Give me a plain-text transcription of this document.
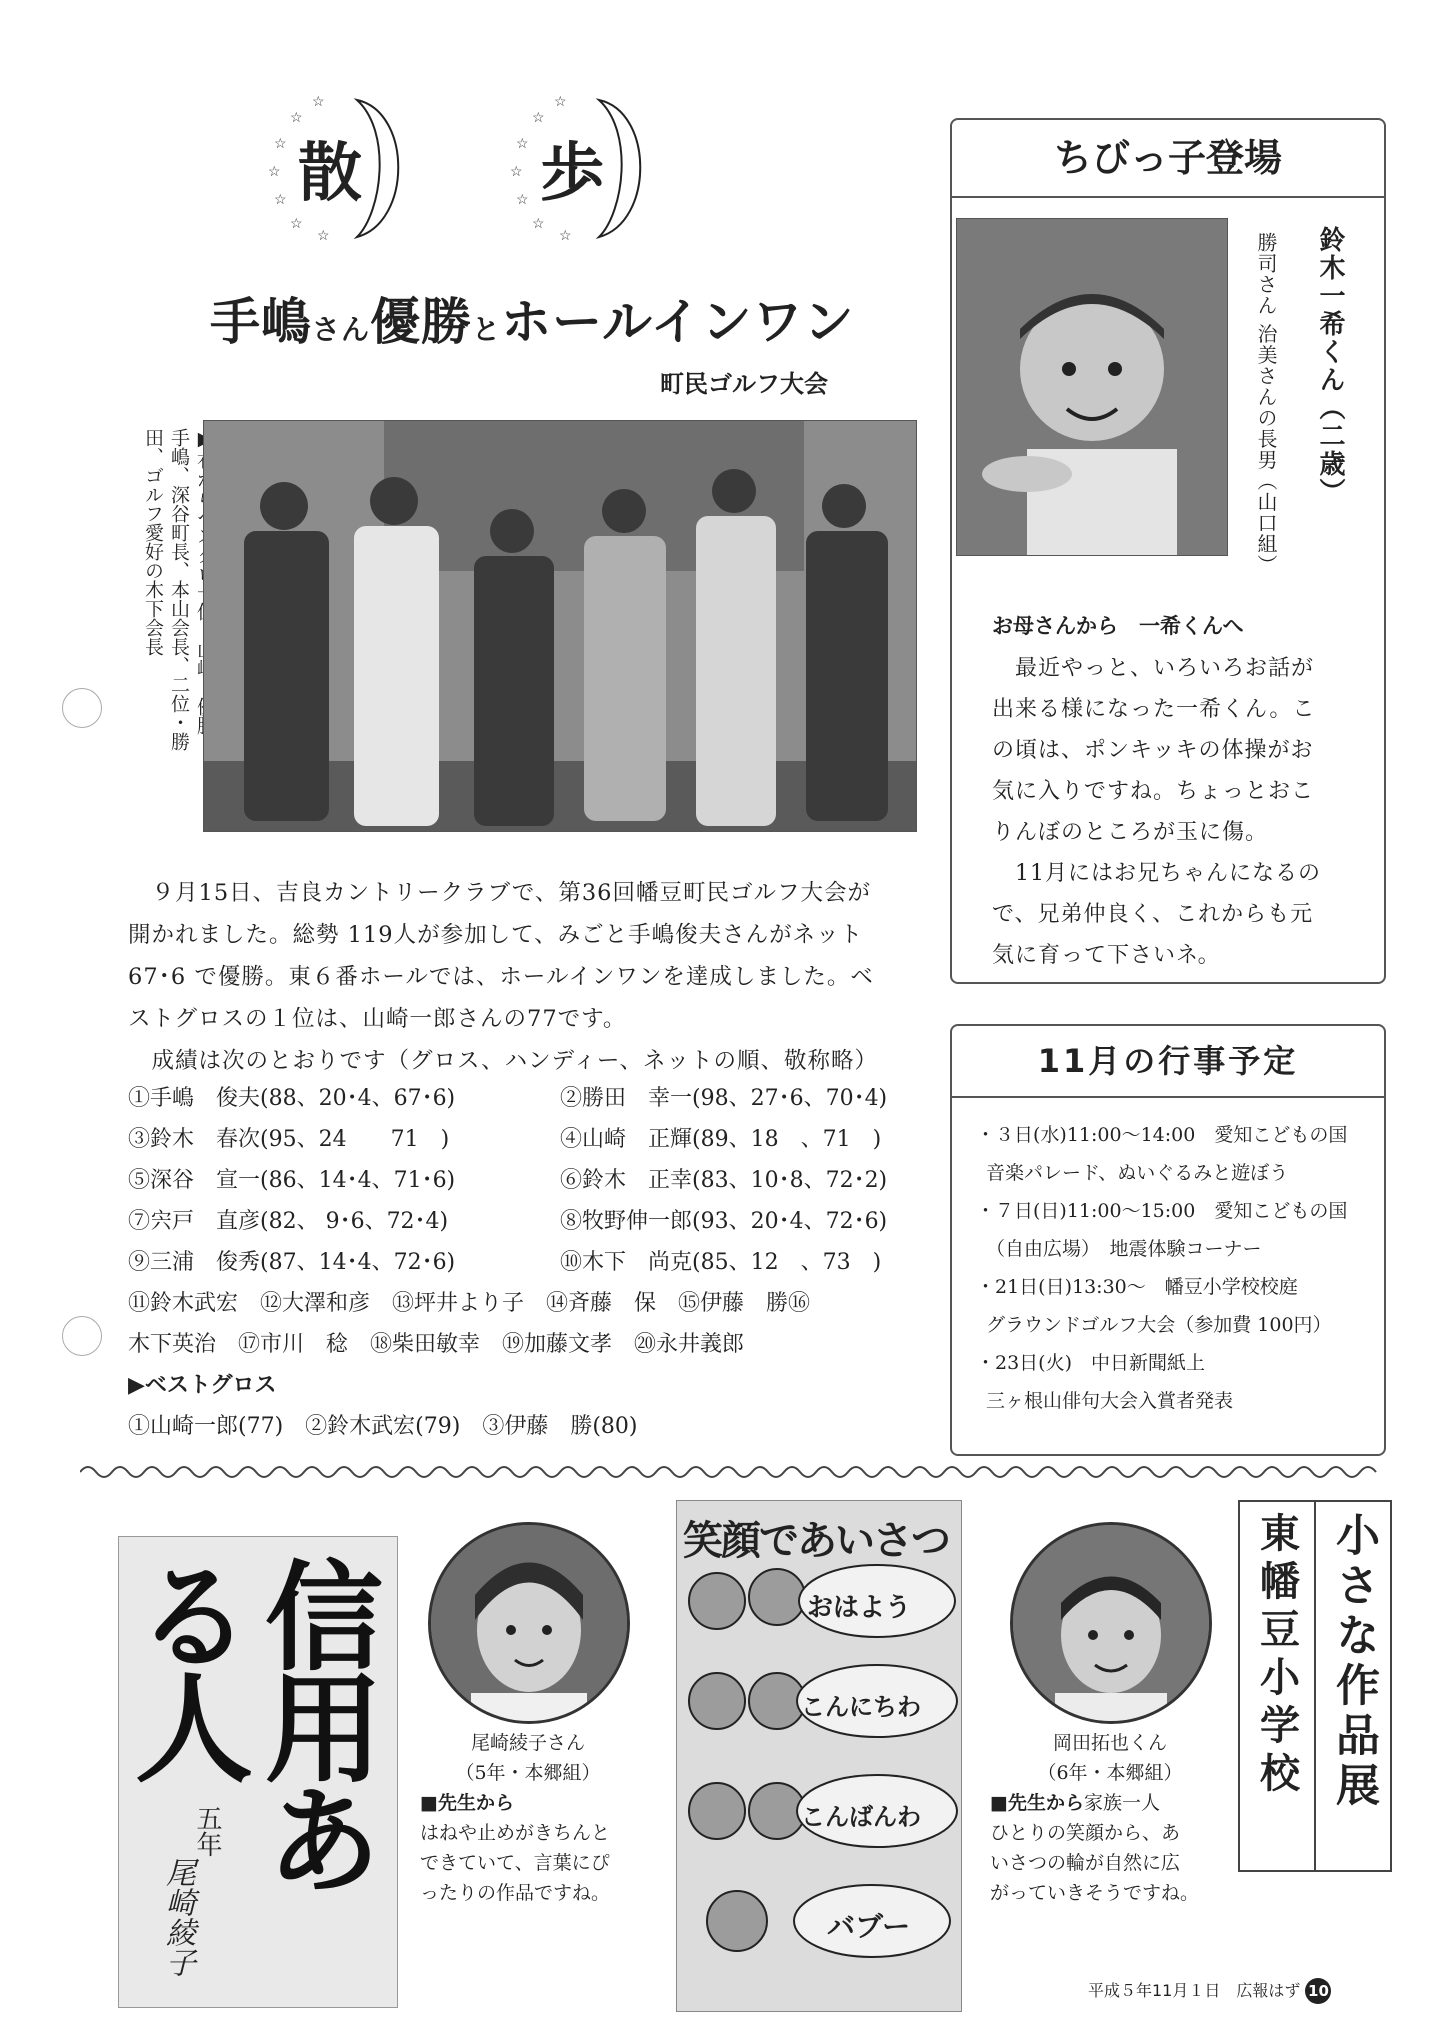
☆
☆
☆
☆
☆
☆
☆
☆
☆
☆
☆
☆
☆
☆
散	歩
手嶋さん優勝とホールインワン
町民ゴルフ大会
手嶋、深谷町長、本山会長、二位・勝田、ゴルフ愛好の木下会長
　９月15日、吉良カントリークラブで、第36回幡豆町民ゴルフ大会が
開かれました。総勢 119人が参加して、みごと手嶋俊夫さんがネット
67･6 で優勝。東６番ホールでは、ホールインワンを達成しました。ベ
ストグロスの１位は、山崎一郎さんの77です。
　成績は次のとおりです（グロス、ハンディー、ネットの順、敬称略）
①手嶋　俊夫(88、20･4、67･6)	②勝田　幸一(98、27･6、70･4)
③鈴木　春次(95、24　　71　)	④山崎　正輝(89、18　、71　)
⑤深谷　宣一(86、14･4、71･6)	⑥鈴木　正幸(83、10･8、72･2)
⑦宍戸　直彦(82、 9･6、72･4)	⑧牧野伸一郎(93、20･4、72･6)
⑨三浦　俊秀(87、14･4、72･6)	⑩木下　尚克(85、12　、73　)
⑪鈴木武宏　⑫大澤和彦　⑬坪井より子　⑭斉藤　保　⑮伊藤　勝⑯
木下英治　⑰市川　稔　⑱柴田敏幸　⑲加藤文孝　⑳永井義郎
▶ベストグロス
①山崎一郎(77)　②鈴木武宏(79)　③伊藤　勝(80)
ちびっ子登場
鈴木一希くん（二歳）
勝司さん 治美さんの長男（山口組）
お母さんから　一希くんへ
　最近やっと、いろいろお話が
出来る様になった一希くん。こ
の頃は、ポンキッキの体操がお
気に入りですね。ちょっとおこ
りんぼのところが玉に傷。
　11月にはお兄ちゃんになるの
で、兄弟仲良く、これからも元
気に育って下さいネ。
11月の行事予定
・３日(水)11:00～14:00　愛知こどもの国
音楽パレード、ぬいぐるみと遊ぼう
・７日(日)11:00～15:00　愛知こどもの国
（自由広場）　地震体験コーナー
・21日(日)13:30～　幡豆小学校校庭
グラウンドゴルフ大会（参加費 100円）
・23日(火)　中日新聞紙上
三ヶ根山俳句大会入賞者発表
信用ある人
五年
尾崎綾子
尾崎綾子さん
（5年・本郷組）
■先生から
はねや止めがきちんと
できていて、言葉にぴ
ったりの作品ですね。
笑顔であいさつ
おはよう
こんにちわ
こんばんわ
バブー
岡田拓也くん
（6年・本郷組）
■先生から家族一人
ひとりの笑顔から、あ
いさつの輪が自然に広
がっていきそうですね。
東幡豆小学校 小さな作品展
平成５年11月１日　広報はず 10
